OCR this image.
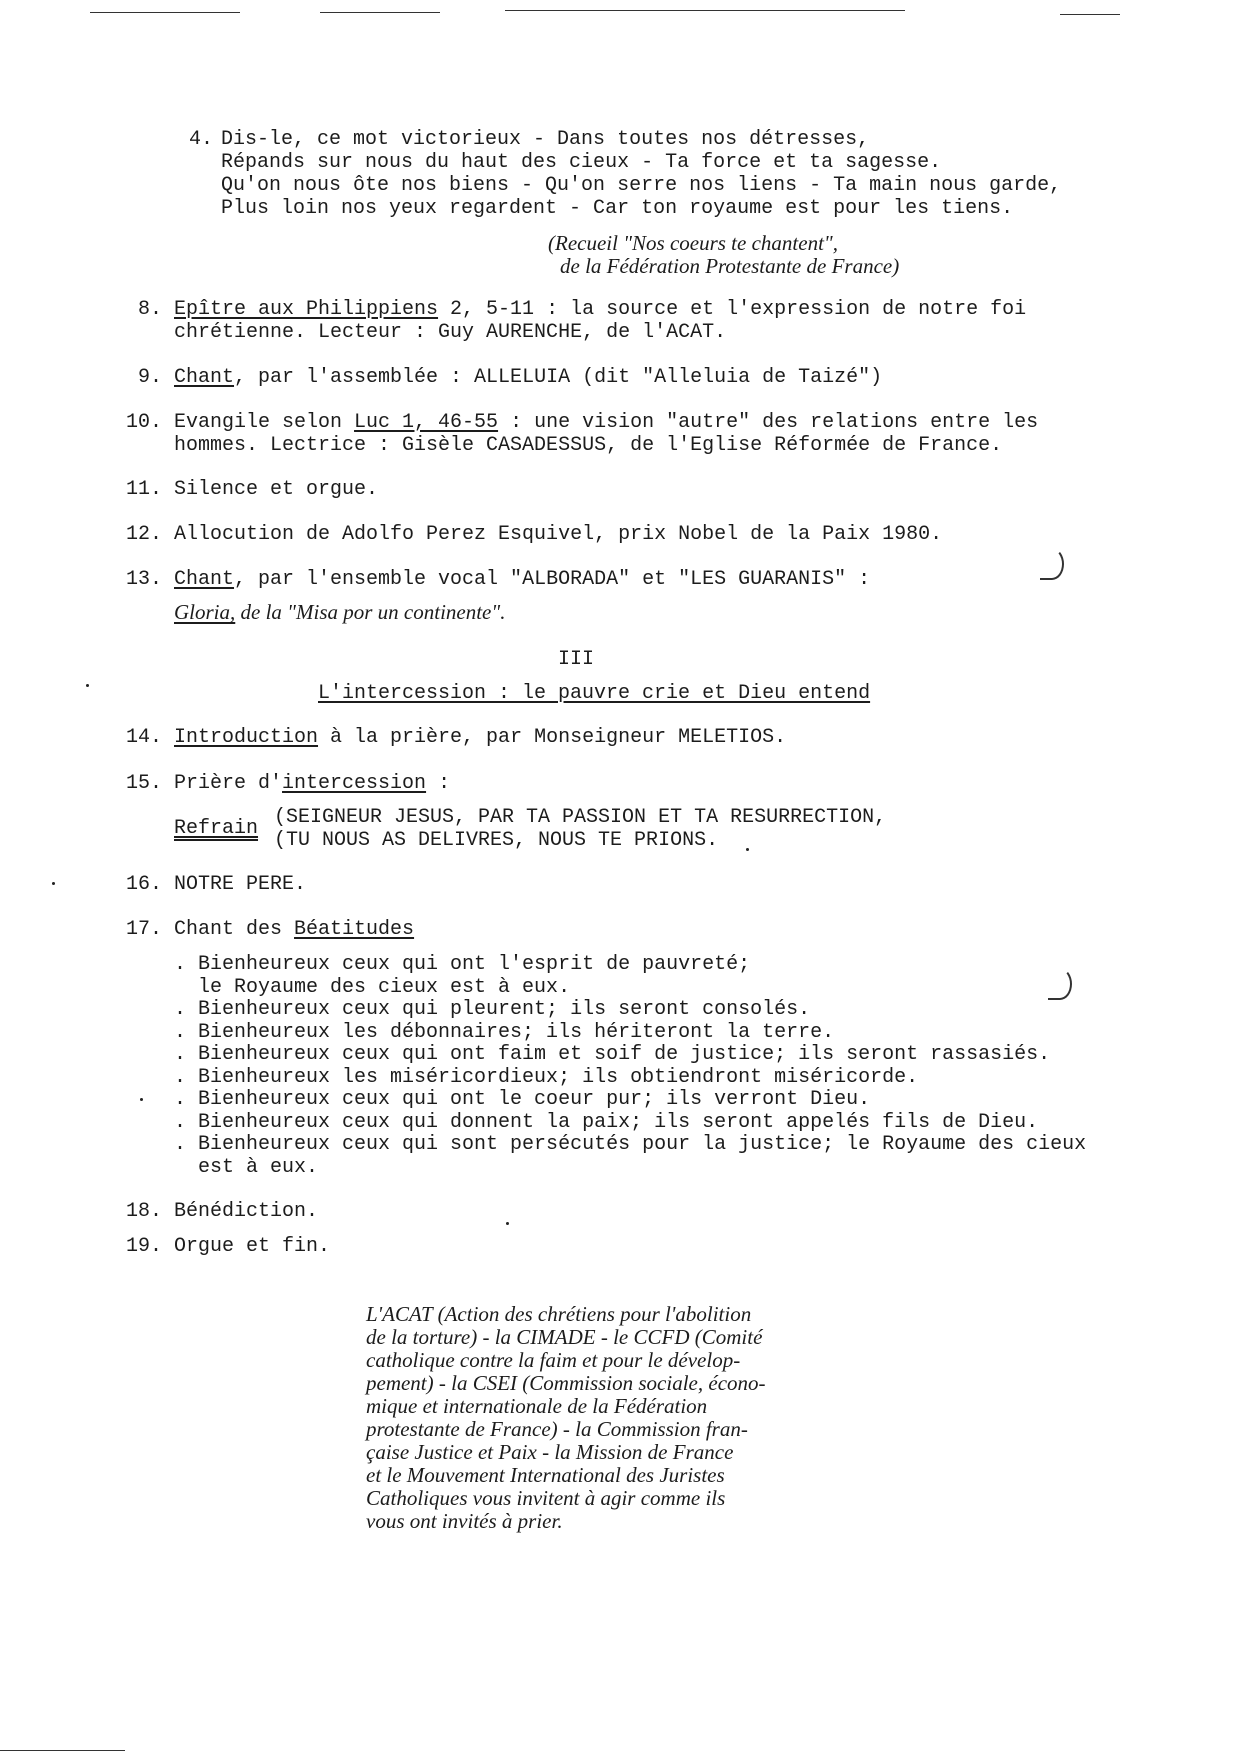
4. Dis-le, ce mot victorieux - Dans toutes nos détresses,
Répands sur nous du haut des cieux - Ta force et ta sagesse.
Qu'on nous ôte nos biens - Qu'on serre nos liens - Ta main nous garde,
Plus loin nos yeux regardent - Car ton royaume est pour les tiens.
(Recueil "Nos coeurs te chantent",
de la Fédération Protestante de France)
8. Epître aux Philippiens 2, 5-11 : la source et l'expression de notre foi
chrétienne. Lecteur : Guy AURENCHE, de l'ACAT.
9. Chant, par l'assemblée : ALLELUIA (dit "Alleluia de Taizé")
10. Evangile selon Luc 1, 46-55 : une vision "autre" des relations entre les
hommes. Lectrice : Gisèle CASADESSUS, de l'Eglise Réformée de France.
11. Silence et orgue.
12. Allocution de Adolfo Perez Esquivel, prix Nobel de la Paix 1980.
13. Chant, par l'ensemble vocal "ALBORADA" et "LES GUARANIS" :
Gloria, de la "Misa por un continente".
III
L'intercession : le pauvre crie et Dieu entend
14. Introduction à la prière, par Monseigneur MELETIOS.
15. Prière d'intercession :
Refrain (SEIGNEUR JESUS, PAR TA PASSION ET TA RESURRECTION,
(TU NOUS AS DELIVRES, NOUS TE PRIONS.
16. NOTRE PERE.
17. Chant des Béatitudes
. Bienheureux ceux qui ont l'esprit de pauvreté;
le Royaume des cieux est à eux.
. Bienheureux ceux qui pleurent; ils seront consolés.
. Bienheureux les débonnaires; ils hériteront la terre.
. Bienheureux ceux qui ont faim et soif de justice; ils seront rassasiés.
. Bienheureux les miséricordieux; ils obtiendront miséricorde.
. Bienheureux ceux qui ont le coeur pur; ils verront Dieu.
. Bienheureux ceux qui donnent la paix; ils seront appelés fils de Dieu.
. Bienheureux ceux qui sont persécutés pour la justice; le Royaume des cieux
est à eux.
18. Bénédiction.
19. Orgue et fin.
L'ACAT (Action des chrétiens pour l'abolition
de la torture) - la CIMADE - le CCFD (Comité
catholique contre la faim et pour le dévelop-
pement) - la CSEI (Commission sociale, écono-
mique et internationale de la Fédération
protestante de France) - la Commission fran-
çaise Justice et Paix - la Mission de France
et le Mouvement International des Juristes
Catholiques vous invitent à agir comme ils
vous ont invités à prier.
